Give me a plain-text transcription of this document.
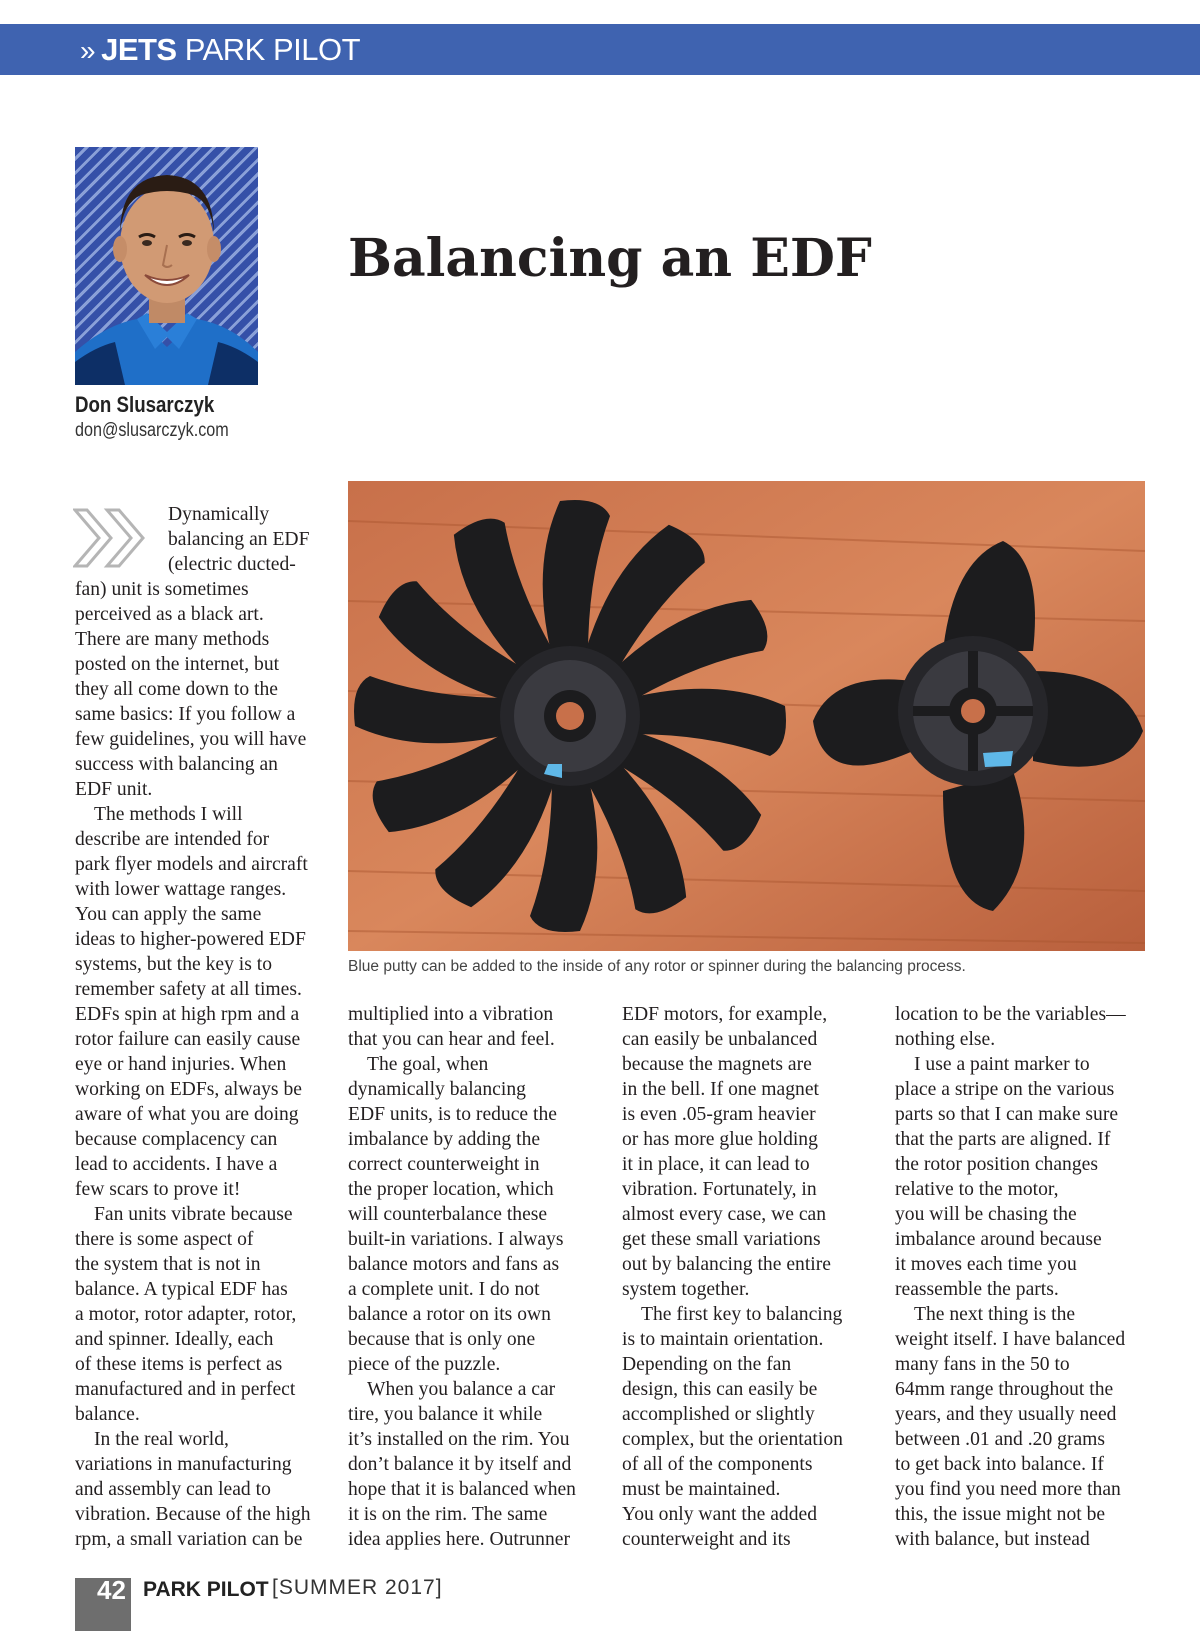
» JETS PARK PILOT
Don Slusarczyk
don@slusarczyk.com
Balancing an EDF
Blue putty can be added to the inside of any rotor or spinner during the balancing process.
Dynamically
balancing an EDF
(electric ducted-
fan) unit is sometimes
perceived as a black art.
There are many methods
posted on the internet, but
they all come down to the
same basics: If you follow a
few guidelines, you will have
success with balancing an
EDF unit.
The methods I will
describe are intended for
park flyer models and aircraft
with lower wattage ranges.
You can apply the same
ideas to higher-powered EDF
systems, but the key is to
remember safety at all times.
EDFs spin at high rpm and a
rotor failure can easily cause
eye or hand injuries. When
working on EDFs, always be
aware of what you are doing
because complacency can
lead to accidents. I have a
few scars to prove it!
Fan units vibrate because
there is some aspect of
the system that is not in
balance. A typical EDF has
a motor, rotor adapter, rotor,
and spinner. Ideally, each
of these items is perfect as
manufactured and in perfect
balance.
In the real world,
variations in manufacturing
and assembly can lead to
vibration. Because of the high
rpm, a small variation can be
multiplied into a vibration
that you can hear and feel.
The goal, when
dynamically balancing
EDF units, is to reduce the
imbalance by adding the
correct counterweight in
the proper location, which
will counterbalance these
built-in variations. I always
balance motors and fans as
a complete unit. I do not
balance a rotor on its own
because that is only one
piece of the puzzle.
When you balance a car
tire, you balance it while
it’s installed on the rim. You
don’t balance it by itself and
hope that it is balanced when
it is on the rim. The same
idea applies here. Outrunner
EDF motors, for example,
can easily be unbalanced
because the magnets are
in the bell. If one magnet
is even .05-gram heavier
or has more glue holding
it in place, it can lead to
vibration. Fortunately, in
almost every case, we can
get these small variations
out by balancing the entire
system together.
The first key to balancing
is to maintain orientation.
Depending on the fan
design, this can easily be
accomplished or slightly
complex, but the orientation
of all of the components
must be maintained.
You only want the added
counterweight and its
location to be the variables—
nothing else.
I use a paint marker to
place a stripe on the various
parts so that I can make sure
that the parts are aligned. If
the rotor position changes
relative to the motor,
you will be chasing the
imbalance around because
it moves each time you
reassemble the parts.
The next thing is the
weight itself. I have balanced
many fans in the 50 to
64mm range throughout the
years, and they usually need
between .01 and .20 grams
to get back into balance. If
you find you need more than
this, the issue might not be
with balance, but instead
42 PARK PILOT [SUMMER 2017]
